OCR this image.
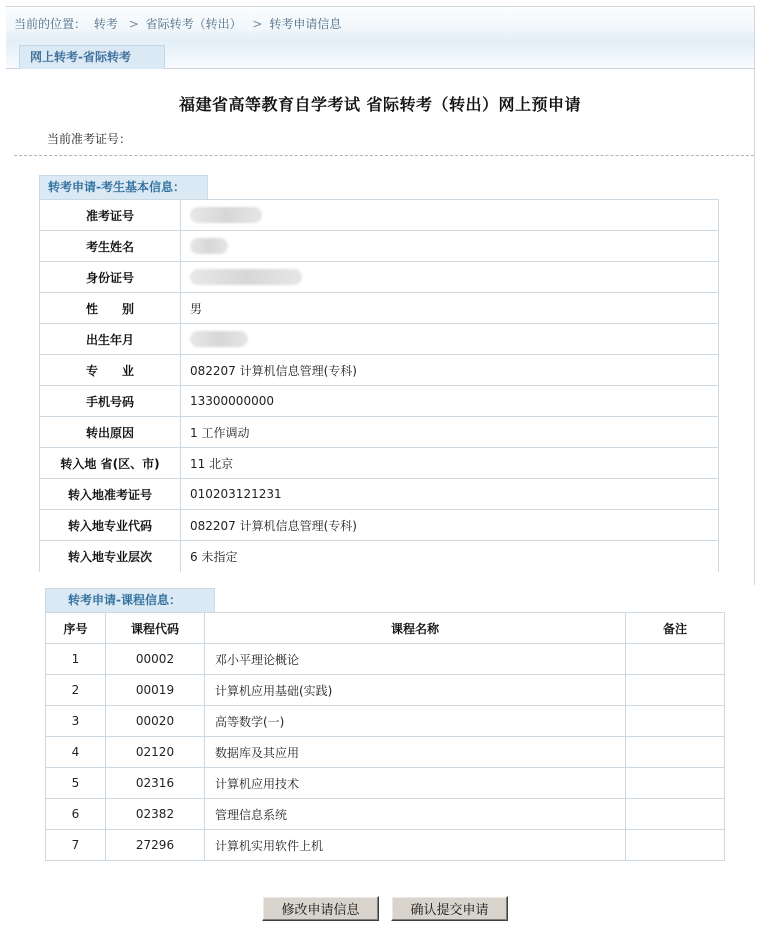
当前的位置： 转考 > 省际转考（转出） > 转考申请信息
网上转考-省际转考
福建省高等教育自学考试 省际转考（转出）网上预申请
当前准考证号：
转考申请-考生基本信息：
准考证号	
考生姓名	
身份证号	
性　　别	男
出生年月	
专　　业	082207 计算机信息管理(专科)
手机号码	13300000000
转出原因	1 工作调动
转入地 省(区、市)	11 北京
转入地准考证号	010203121231
转入地专业代码	082207 计算机信息管理(专科)
转入地专业层次	6 未指定
转考申请-课程信息：
序号	课程代码	课程名称	备注
1	00002	邓小平理论概论	
2	00019	计算机应用基础(实践)	
3	00020	高等数学(一)	
4	02120	数据库及其应用	
5	02316	计算机应用技术	
6	02382	管理信息系统	
7	27296	计算机实用软件上机	
修改申请信息	确认提交申请
